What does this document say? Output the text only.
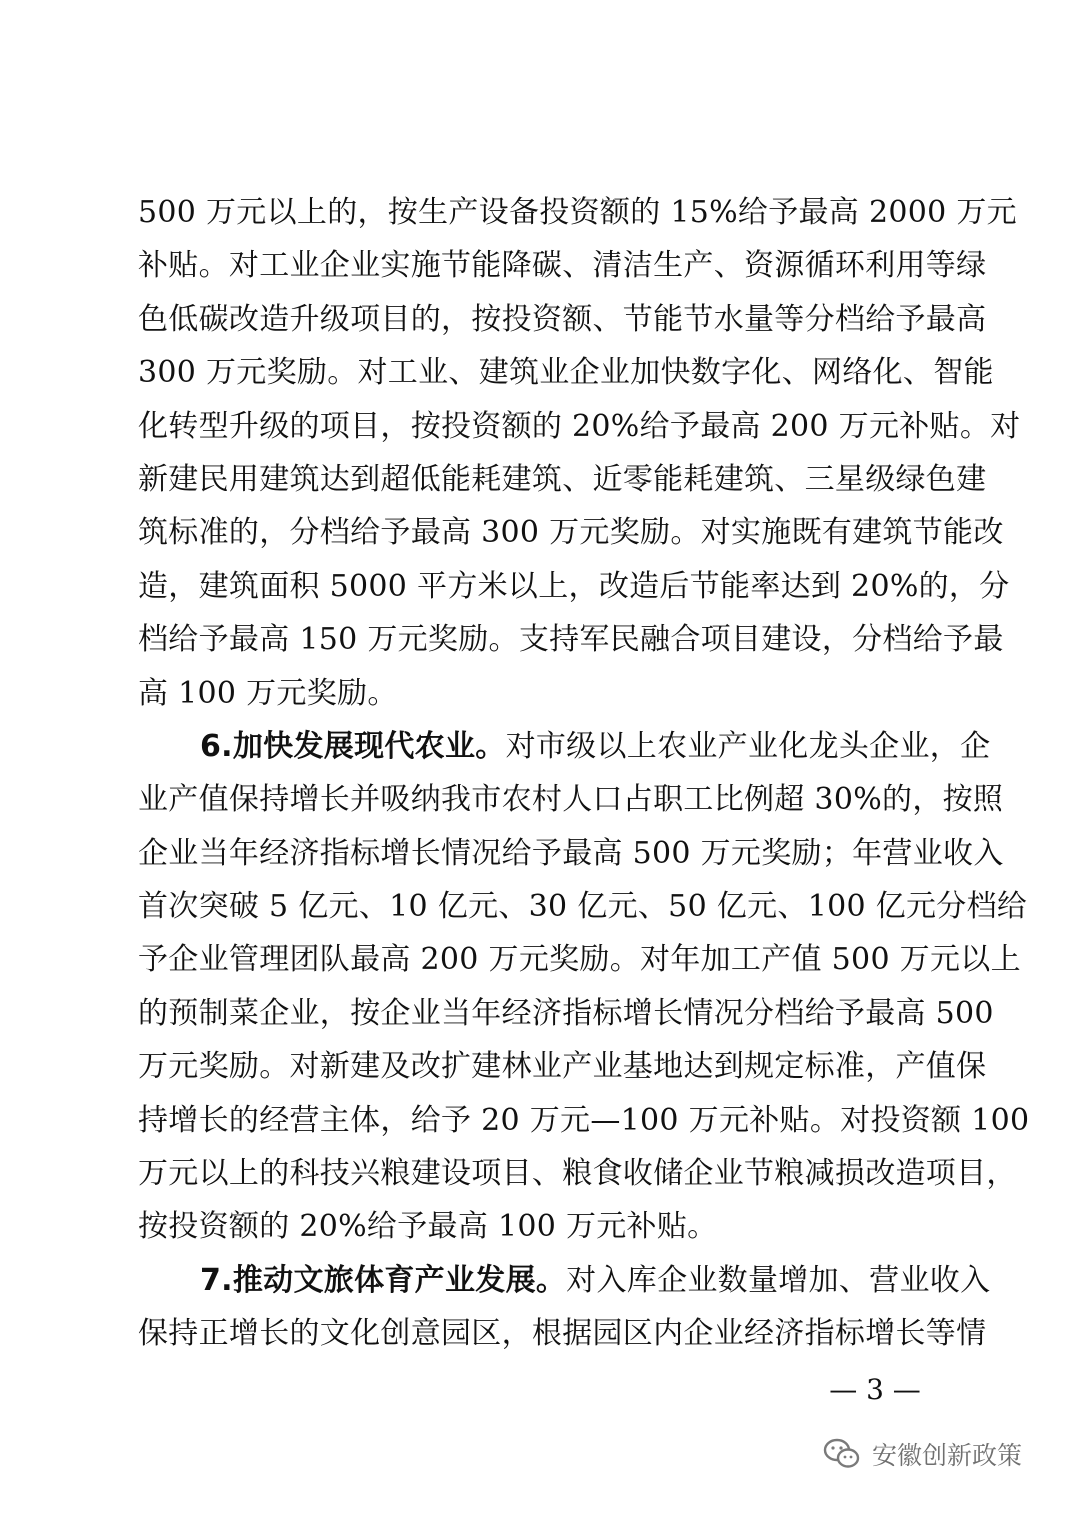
500 万元以上的，按生产设备投资额的 15%给予最高 2000 万元
补贴。对工业企业实施节能降碳、清洁生产、资源循环利用等绿
色低碳改造升级项目的，按投资额、节能节水量等分档给予最高
300 万元奖励。对工业、建筑业企业加快数字化、网络化、智能
化转型升级的项目，按投资额的 20%给予最高 200 万元补贴。对
新建民用建筑达到超低能耗建筑、近零能耗建筑、三星级绿色建
筑标准的，分档给予最高 300 万元奖励。对实施既有建筑节能改
造，建筑面积 5000 平方米以上，改造后节能率达到 20%的，分
档给予最高 150 万元奖励。支持军民融合项目建设，分档给予最
高 100 万元奖励。
6.加快发展现代农业。对市级以上农业产业化龙头企业，企
业产值保持增长并吸纳我市农村人口占职工比例超 30%的，按照
企业当年经济指标增长情况给予最高 500 万元奖励；年营业收入
首次突破 5 亿元、10 亿元、30 亿元、50 亿元、100 亿元分档给
予企业管理团队最高 200 万元奖励。对年加工产值 500 万元以上
的预制菜企业，按企业当年经济指标增长情况分档给予最高 500
万元奖励。对新建及改扩建林业产业基地达到规定标准，产值保
持增长的经营主体，给予 20 万元—100 万元补贴。对投资额 100
万元以上的科技兴粮建设项目、粮食收储企业节粮减损改造项目，
按投资额的 20%给予最高 100 万元补贴。
7.推动文旅体育产业发展。对入库企业数量增加、营业收入
保持正增长的文化创意园区，根据园区内企业经济指标增长等情
— 3 —
安徽创新政策
